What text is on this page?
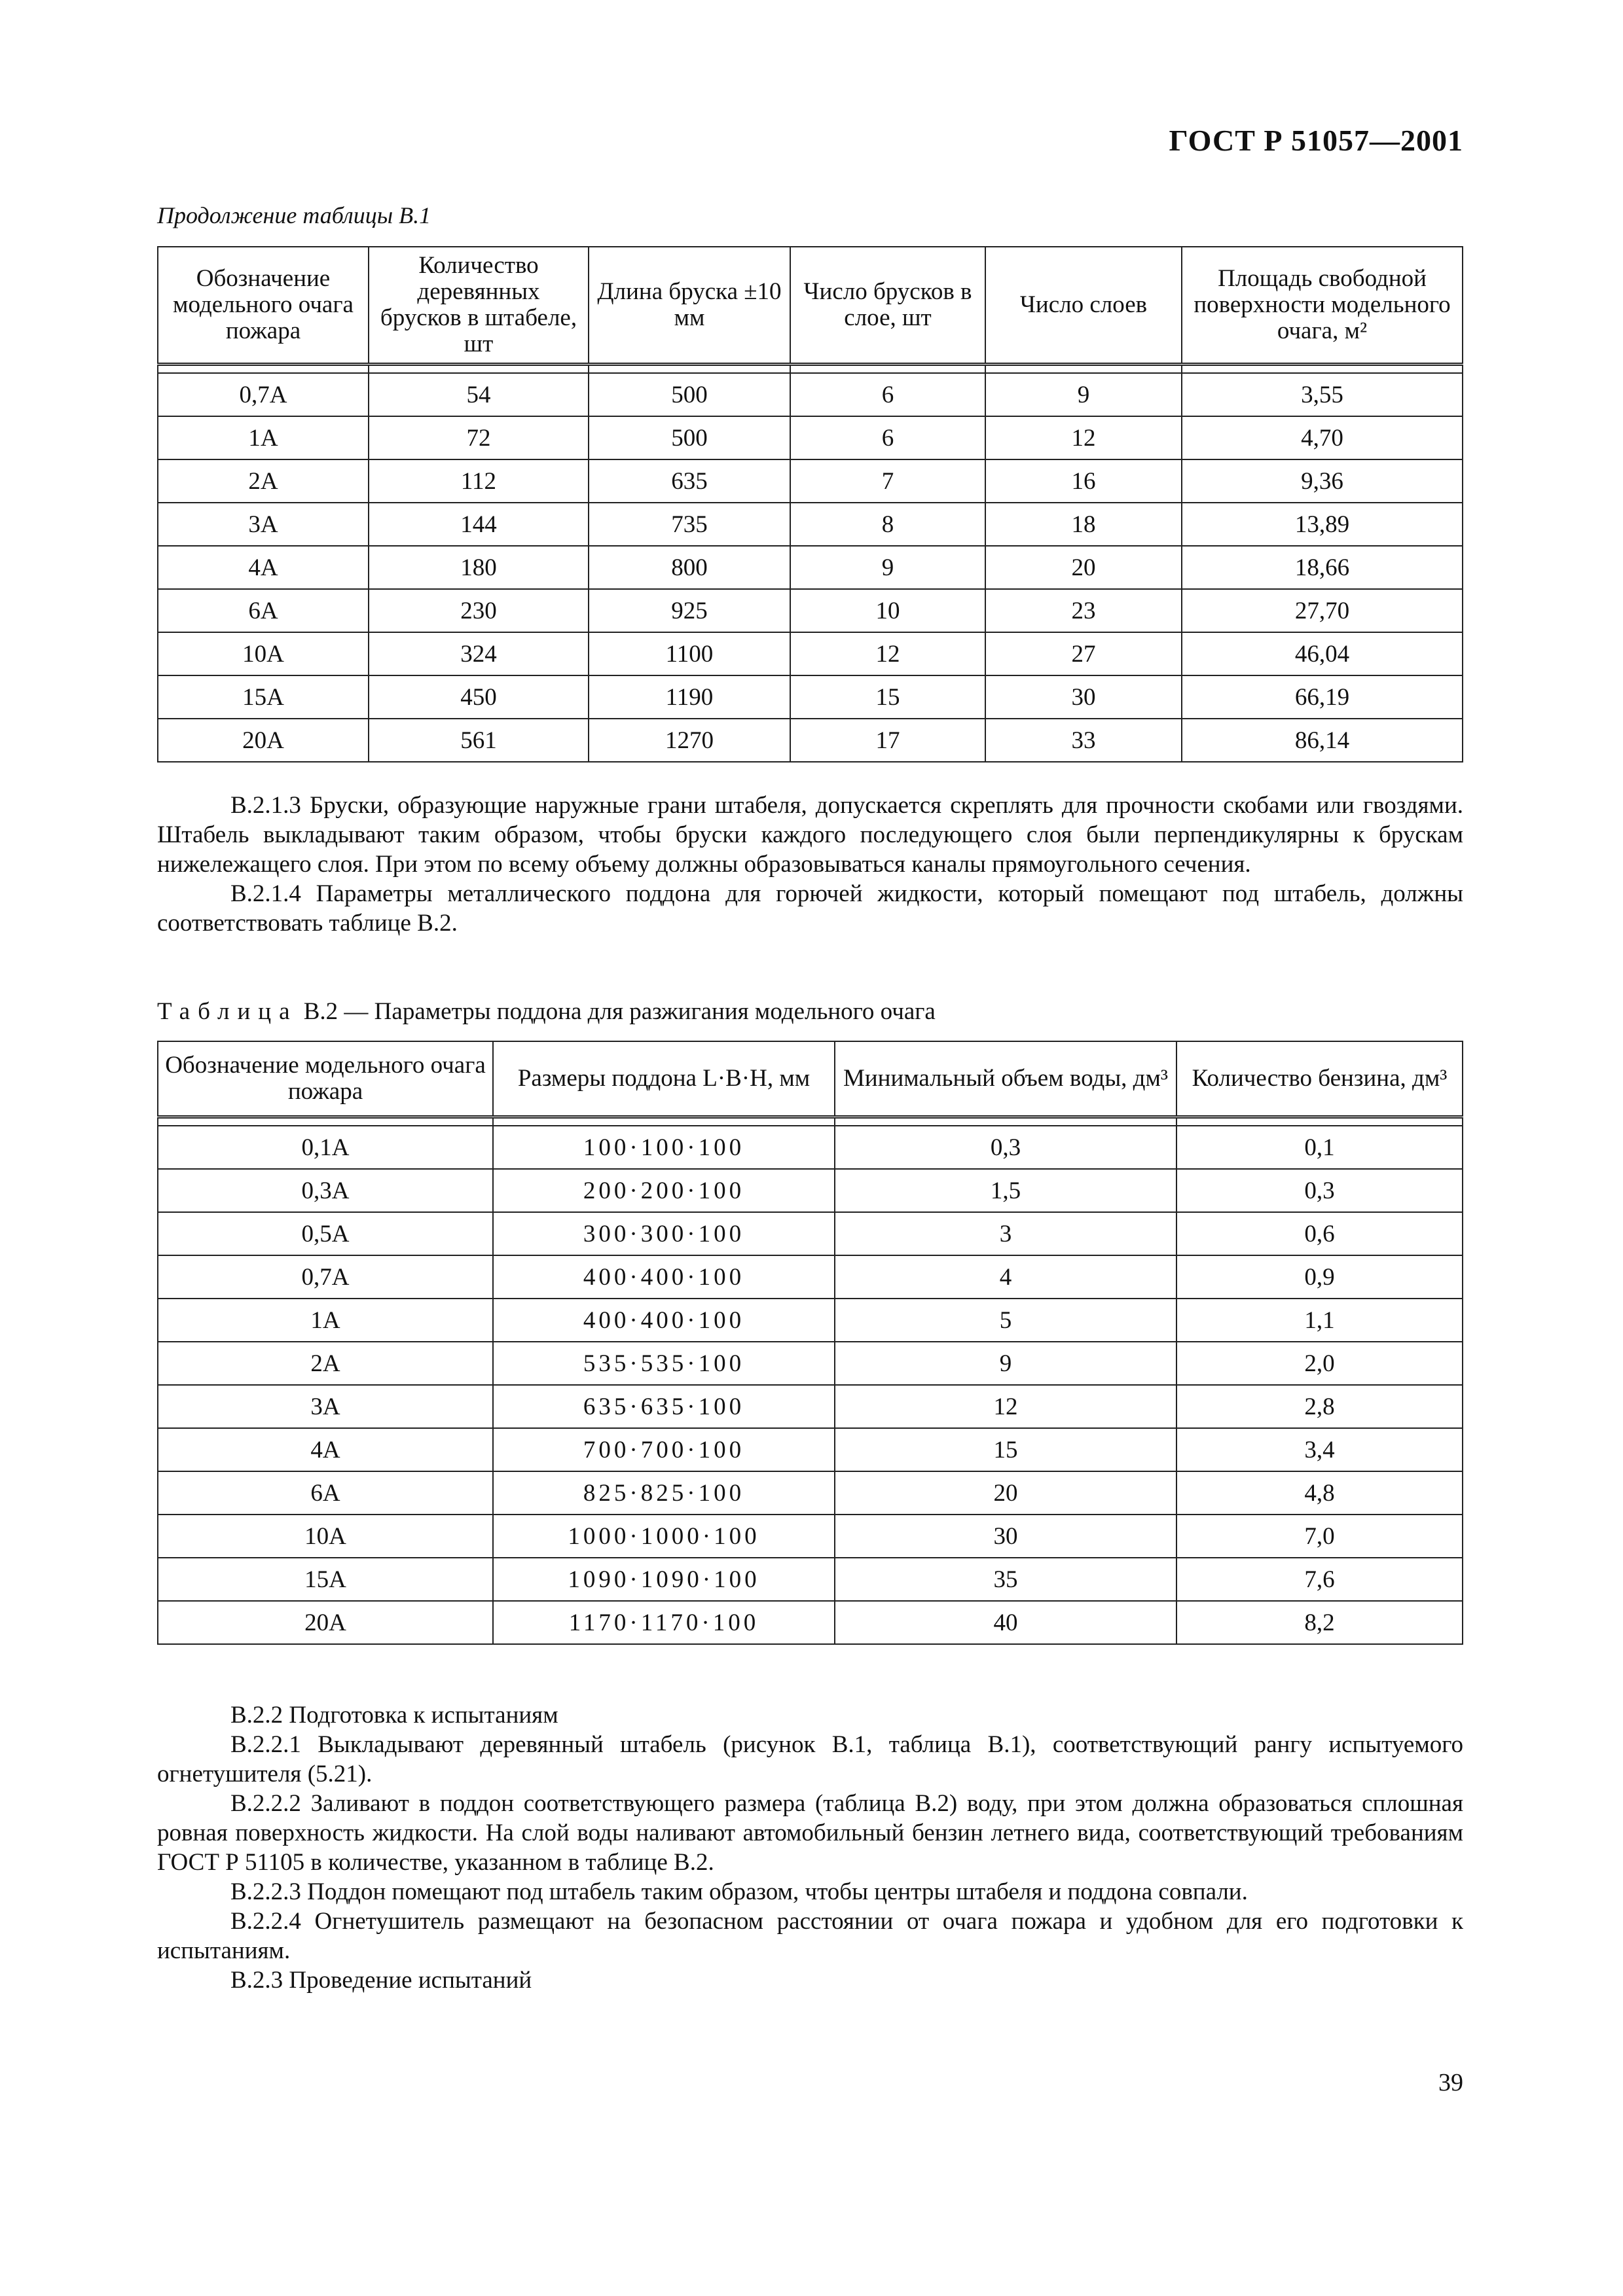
ГОСТ Р 51057—2001
Продолжение таблицы В.1
Обозначение модельного очага пожара	Количество деревянных брусков в штабеле, шт	Длина бруска ±10 мм	Число брусков в слое, шт	Число слоев	Площадь свободной поверхности модельного очага, м²

0,7А	54	500	6	9	3,55
1А	72	500	6	12	4,70
2А	112	635	7	16	9,36
3А	144	735	8	18	13,89
4А	180	800	9	20	18,66
6А	230	925	10	23	27,70
10А	324	1100	12	27	46,04
15А	450	1190	15	30	66,19
20А	561	1270	17	33	86,14

В.2.1.3 Бруски, образующие наружные грани штабеля, допускается скреплять для прочности скобами или гвоздями. Штабель выкладывают таким образом, чтобы бруски каждого последующего слоя были перпендикулярны к брускам нижележащего слоя. При этом по всему объему должны образовываться каналы прямоугольного сечения.

В.2.1.4 Параметры металлического поддона для горючей жидкости, который помещают под штабель, должны соответствовать таблице В.2.

Таблица В.2 — Параметры поддона для разжигания модельного очага
Обозначение модельного очага пожара	Размеры поддона L·B·H, мм	Минимальный объем воды, дм³	Количество бензина, дм³

0,1А	100·100·100	0,3	0,1
0,3А	200·200·100	1,5	0,3
0,5А	300·300·100	3	0,6
0,7А	400·400·100	4	0,9
1А	400·400·100	5	1,1
2А	535·535·100	9	2,0
3А	635·635·100	12	2,8
4А	700·700·100	15	3,4
6А	825·825·100	20	4,8
10А	1000·1000·100	30	7,0
15А	1090·1090·100	35	7,6
20А	1170·1170·100	40	8,2

В.2.2 Подготовка к испытаниям

В.2.2.1 Выкладывают деревянный штабель (рисунок В.1, таблица В.1), соответствующий рангу испытуемого огнетушителя (5.21).

В.2.2.2 Заливают в поддон соответствующего размера (таблица В.2) воду, при этом должна образоваться сплошная ровная поверхность жидкости. На слой воды наливают автомобильный бензин летнего вида, соответствующий требованиям ГОСТ Р 51105 в количестве, указанном в таблице В.2.

В.2.2.3 Поддон помещают под штабель таким образом, чтобы центры штабеля и поддона совпали.

В.2.2.4 Огнетушитель размещают на безопасном расстоянии от очага пожара и удобном для его подготовки к испытаниям.

В.2.3 Проведение испытаний

39
